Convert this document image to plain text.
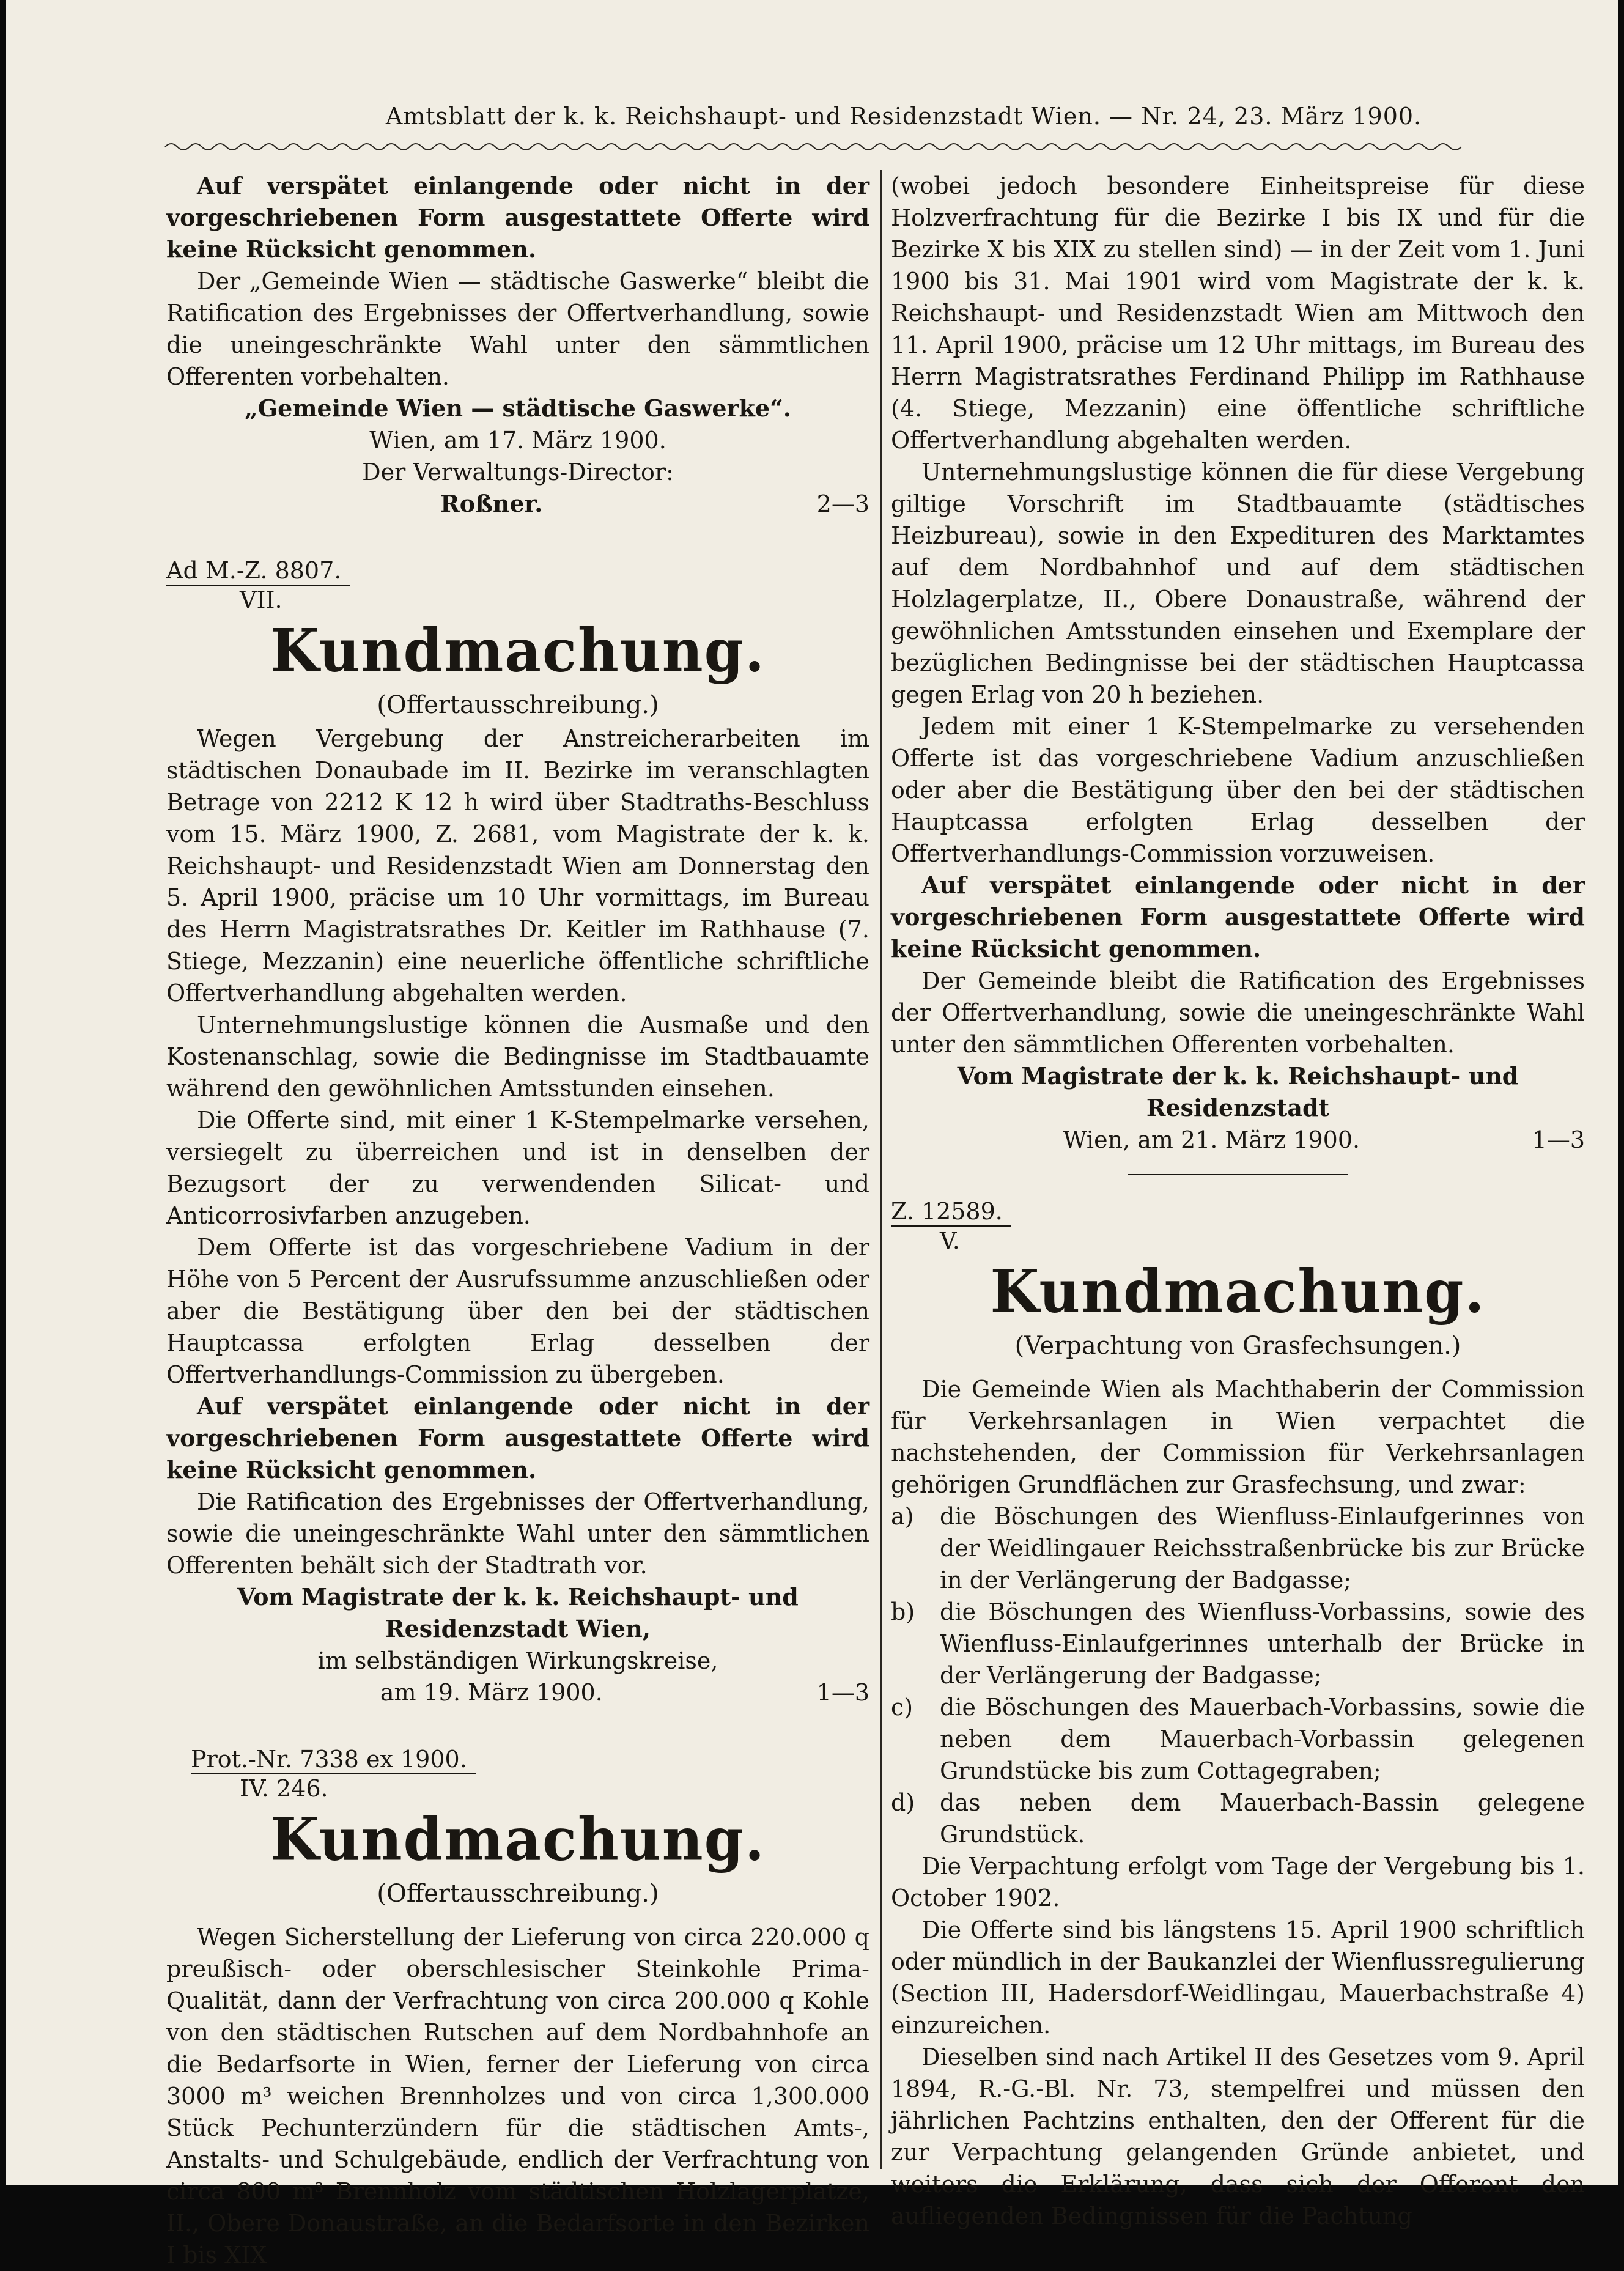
Amtsblatt der k. k. Reichshaupt- und Residenzstadt Wien. — Nr. 24, 23. März 1900.

Auf verspätet einlangende oder nicht in der vorgeschriebenen Form ausgestattete Offerte wird keine Rücksicht genommen.

Der „Gemeinde Wien — städtische Gaswerke“ bleibt die Ratification des Ergebnisses der Offertverhandlung, sowie die uneingeschränkte Wahl unter den sämmtlichen Offerenten vorbehalten.

„Gemeinde Wien — städtische Gaswerke“.

Wien, am 17. März 1900.

Der Verwaltungs-Director:

Roßner.	2—3
Ad M.-Z. 8807.
VII.
Kundmachung.
(Offertausschreibung.)

Wegen Vergebung der Anstreicherarbeiten im städtischen Donaubade im II. Bezirke im veranschlagten Betrage von 2212 K 12 h wird über Stadtraths-Beschluss vom 15. März 1900, Z. 2681, vom Magistrate der k. k. Reichshaupt- und Residenzstadt Wien am Donnerstag den 5. April 1900, präcise um 10 Uhr vormittags, im Bureau des Herrn Magistratsrathes Dr. Keitler im Rathhause (7. Stiege, Mezzanin) eine neuerliche öffentliche schriftliche Offertverhandlung abgehalten werden.

Unternehmungslustige können die Ausmaße und den Kostenanschlag, sowie die Bedingnisse im Stadtbauamte während den gewöhnlichen Amtsstunden einsehen.

Die Offerte sind, mit einer 1 K-Stempelmarke versehen, versiegelt zu überreichen und ist in denselben der Bezugsort der zu verwendenden Silicat- und Anticorrosivfarben anzugeben.

Dem Offerte ist das vorgeschriebene Vadium in der Höhe von 5 Percent der Ausrufssumme anzuschließen oder aber die Bestätigung über den bei der städtischen Hauptcassa erfolgten Erlag desselben der Offertverhandlungs-Commission zu übergeben.

Auf verspätet einlangende oder nicht in der vorgeschriebenen Form ausgestattete Offerte wird keine Rücksicht genommen.

Die Ratification des Ergebnisses der Offertverhandlung, sowie die uneingeschränkte Wahl unter den sämmtlichen Offerenten behält sich der Stadtrath vor.

Vom Magistrate der k. k. Reichshaupt- und Residenzstadt Wien,

im selbständigen Wirkungskreise,

am 19. März 1900.	1—3
Prot.-Nr. 7338 ex 1900.
IV. 246.
Kundmachung.
(Offertausschreibung.)

Wegen Sicherstellung der Lieferung von circa 220.000 q preußisch- oder oberschlesischer Steinkohle Prima-Qualität, dann der Verfrachtung von circa 200.000 q Kohle von den städtischen Rutschen auf dem Nordbahnhofe an die Bedarfsorte in Wien, ferner der Lieferung von circa 3000 m³ weichen Brennholzes und von circa 1,300.000 Stück Pechunterzündern für die städtischen Amts-, Anstalts- und Schulgebäude, endlich der Verfrachtung von circa 800 m³ Brennholz vom städtischen Holzlagerplatze, II., Obere Donaustraße, an die Bedarfsorte in den Bezirken I bis XIX

(wobei jedoch besondere Einheitspreise für diese Holzverfrachtung für die Bezirke I bis IX und für die Bezirke X bis XIX zu stellen sind) — in der Zeit vom 1. Juni 1900 bis 31. Mai 1901 wird vom Magistrate der k. k. Reichshaupt- und Residenzstadt Wien am Mittwoch den 11. April 1900, präcise um 12 Uhr mittags, im Bureau des Herrn Magistratsrathes Ferdinand Philipp im Rathhause (4. Stiege, Mezzanin) eine öffentliche schriftliche Offertverhandlung abgehalten werden.

Unternehmungslustige können die für diese Vergebung giltige Vorschrift im Stadtbauamte (städtisches Heizbureau), sowie in den Expedituren des Marktamtes auf dem Nordbahnhof und auf dem städtischen Holzlagerplatze, II., Obere Donaustraße, während der gewöhnlichen Amtsstunden einsehen und Exemplare der bezüglichen Bedingnisse bei der städtischen Hauptcassa gegen Erlag von 20 h beziehen.

Jedem mit einer 1 K-Stempelmarke zu versehenden Offerte ist das vorgeschriebene Vadium anzuschließen oder aber die Bestätigung über den bei der städtischen Hauptcassa erfolgten Erlag desselben der Offertverhandlungs-Commission vorzuweisen.

Auf verspätet einlangende oder nicht in der vorgeschriebenen Form ausgestattete Offerte wird keine Rücksicht genommen.

Der Gemeinde bleibt die Ratification des Ergebnisses der Offertverhandlung, sowie die uneingeschränkte Wahl unter den sämmtlichen Offerenten vorbehalten.

Vom Magistrate der k. k. Reichshaupt- und Residenzstadt

Wien, am 21. März 1900.	1—3
Z. 12589.
V.
Kundmachung.
(Verpachtung von Grasfechsungen.)

Die Gemeinde Wien als Machthaberin der Commission für Verkehrsanlagen in Wien verpachtet die nachstehenden, der Commission für Verkehrsanlagen gehörigen Grundflächen zur Grasfechsung, und zwar:

a)	die Böschungen des Wienfluss-Einlaufgerinnes von der Weidlingauer Reichsstraßenbrücke bis zur Brücke in der Verlängerung der Badgasse;
b)	die Böschungen des Wienfluss-Vorbassins, sowie des Wienfluss-Einlaufgerinnes unterhalb der Brücke in der Verlängerung der Badgasse;
c)	die Böschungen des Mauerbach-Vorbassins, sowie die neben dem Mauerbach-Vorbassin gelegenen Grundstücke bis zum Cottagegraben;
d)	das neben dem Mauerbach-Bassin gelegene Grundstück.

Die Verpachtung erfolgt vom Tage der Vergebung bis 1. October 1902.

Die Offerte sind bis längstens 15. April 1900 schriftlich oder mündlich in der Baukanzlei der Wienflussregulierung (Section III, Hadersdorf-Weidlingau, Mauerbachstraße 4) einzureichen.

Dieselben sind nach Artikel II des Gesetzes vom 9. April 1894, R.-G.-Bl. Nr. 73, stempelfrei und müssen den jährlichen Pachtzins enthalten, den der Offerent für die zur Verpachtung gelangenden Gründe anbietet, und weiters die Erklärung, dass sich der Offerent den aufliegenden Bedingnissen für die Pachtung
